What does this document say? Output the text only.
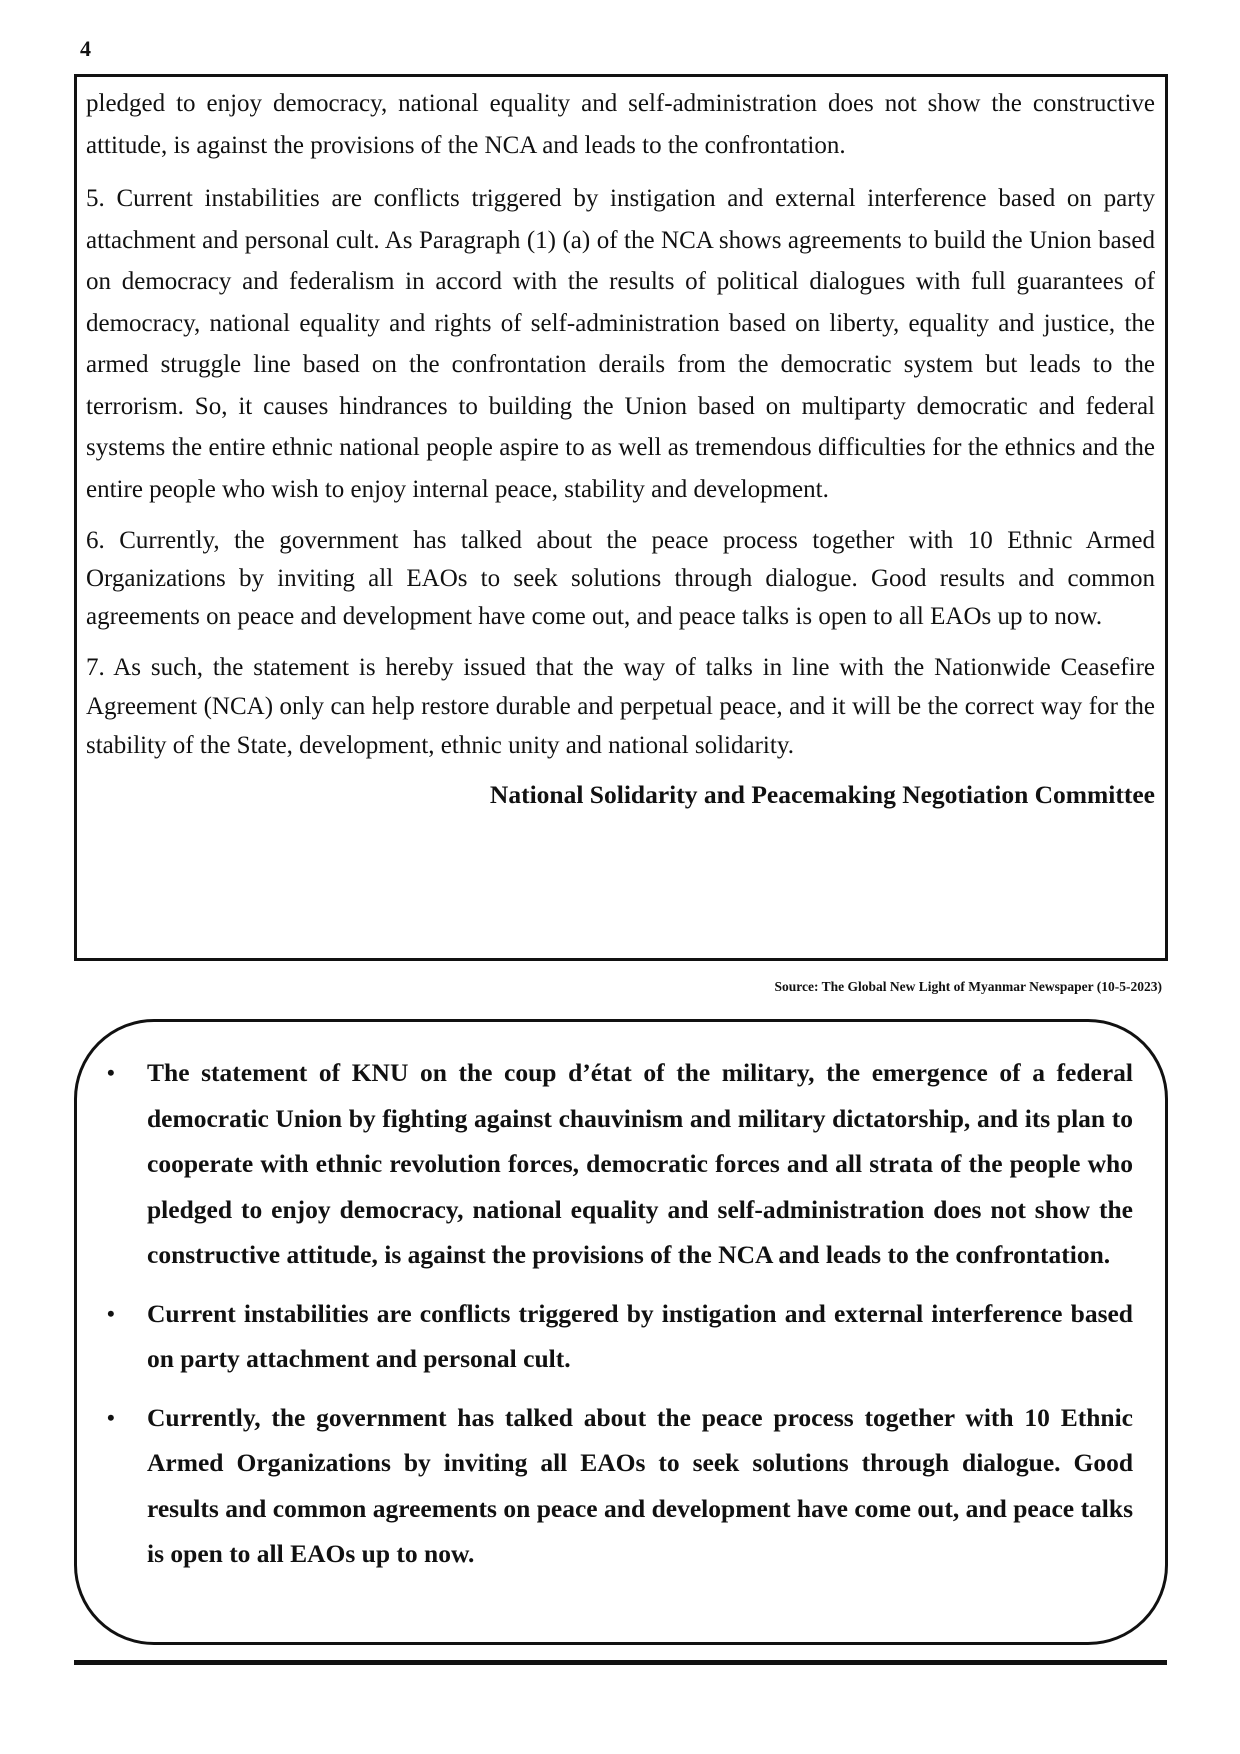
4

pledged to enjoy democracy, national equality and self-administration does not show the constructive attitude, is against the provisions of the NCA and leads to the confrontation.

5. Current instabilities are conflicts triggered by instigation and external interference based on party attachment and personal cult. As Paragraph (1) (a) of the NCA shows agreements to build the Union based on democracy and federalism in accord with the results of political dialogues with full guarantees of democracy, national equality and rights of self-administration based on liberty, equality and justice, the armed struggle line based on the confrontation derails from the democratic system but leads to the terrorism. So, it causes hindrances to building the Union based on multiparty democratic and federal systems the entire ethnic national people aspire to as well as tremendous difficulties for the ethnics and the entire people who wish to enjoy internal peace, stability and development.

6. Currently, the government has talked about the peace process together with 10 Ethnic Armed Organizations by inviting all EAOs to seek solutions through dialogue. Good results and common agreements on peace and development have come out, and peace talks is open to all EAOs up to now.

7. As such, the statement is hereby issued that the way of talks in line with the Nationwide Ceasefire Agreement (NCA) only can help restore durable and perpetual peace, and it will be the correct way for the stability of the State, development, ethnic unity and national solidarity.

National Solidarity and Peacemaking Negotiation Committee

Source: The Global New Light of Myanmar Newspaper (10-5-2023)
• The statement of KNU on the coup d’état of the military, the emergence of a federal democratic Union by fighting against chauvinism and military dictatorship, and its plan to cooperate with ethnic revolution forces, democratic forces and all strata of the people who pledged to enjoy democracy, national equality and self-administration does not show the constructive attitude, is against the provisions of the NCA and leads to the confrontation.
• Current instabilities are conflicts triggered by instigation and external interference based on party attachment and personal cult.
• Currently, the government has talked about the peace process together with 10 Ethnic Armed Organizations by inviting all EAOs to seek solutions through dialogue. Good results and common agreements on peace and development have come out, and peace talks is open to all EAOs up to now.
